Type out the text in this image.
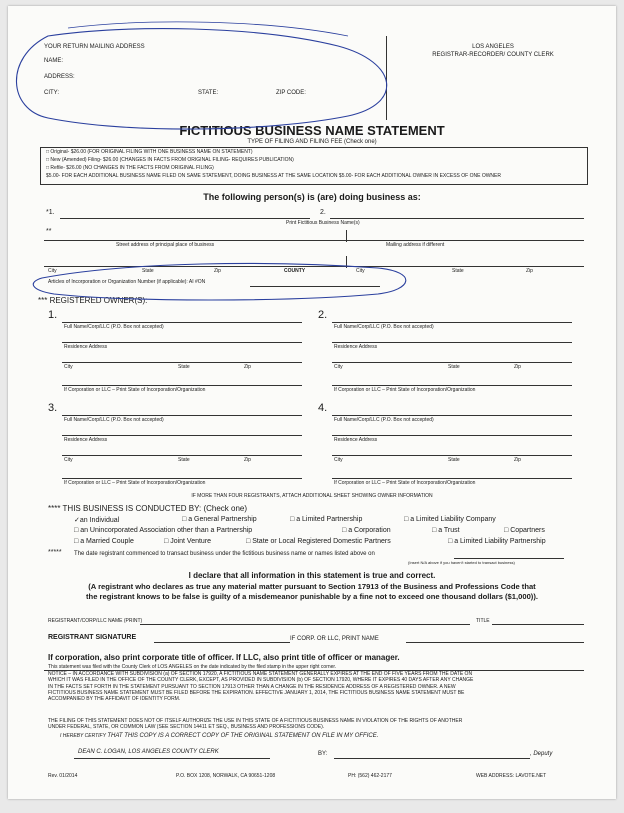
YOUR RETURN MAILING ADDRESS
NAME:
ADDRESS:
CITY:	STATE:	ZIP CODE:
LOS ANGELES
REGISTRAR-RECORDER/ COUNTY CLERK
FICTITIOUS BUSINESS NAME STATEMENT
TYPE OF FILING AND FILING FEE (Check one)
□ Original- $26.00 (FOR ORIGINAL FILING WITH ONE BUSINESS NAME ON STATEMENT)
□ New (Amended) Filing- $26.00 (CHANGES IN FACTS FROM ORIGINAL FILING- REQUIRES PUBLICATION)
□ Refile- $26.00 (NO CHANGES IN THE FACTS FROM ORIGINAL FILING)
$5.00- FOR EACH ADDITIONAL BUSINESS NAME FILED ON SAME STATEMENT, DOING BUSINESS AT THE SAME LOCATION $5.00- FOR EACH ADDITIONAL OWNER IN EXCESS OF ONE OWNER
The following person(s) is (are) doing business as:
*1.	2.
Print Fictitious Business Name(s)
**
Street address of principal place of business	Mailing address if different
City	State	Zip	COUNTY	City	State	Zip
Articles of Incorporation or Organization Number (if applicable): AI #ON
*** REGISTERED OWNER(S):
1.
Full Name/Corp/LLC (P.O. Box not accepted)
Residence Address
City	State	Zip
If Corporation or LLC – Print State of Incorporation/Organization
2.
Full Name/Corp/LLC (P.O. Box not accepted)
Residence Address
City	State	Zip
If Corporation or LLC – Print State of Incorporation/Organization
3.
Full Name/Corp/LLC (P.O. Box not accepted)
Residence Address
City	State	Zip
If Corporation or LLC – Print State of Incorporation/Organization
4.
Full Name/Corp/LLC (P.O. Box not accepted)
Residence Address
City	State	Zip
If Corporation or LLC – Print State of Incorporation/Organization
IF MORE THAN FOUR REGISTRANTS, ATTACH ADDITIONAL SHEET SHOWING OWNER INFORMATION
**** THIS BUSINESS IS CONDUCTED BY: (Check one)
✓an Individual	□ a General Partnership	□ a Limited Partnership	□ a Limited Liability Company
□ an Unincorporated Association other than a Partnership	□ a Corporation	□ a Trust	□ Copartners
□ a Married Couple	□ Joint Venture	□ State or Local Registered Domestic Partners	□ a Limited Liability Partnership
***** The date registrant commenced to transact business under the fictitious business name or names listed above on
(Insert N/A above if you haven't started to transact business)
I declare that all information in this statement is true and correct.
(A registrant who declares as true any material matter pursuant to Section 17913 of the Business and Professions Code that
the registrant knows to be false is guilty of a misdemeanor punishable by a fine not to exceed one thousand dollars ($1,000)).
REGISTRANT/CORP/LLC NAME (PRINT)	TITLE
REGISTRANT SIGNATURE	IF CORP. OR LLC, PRINT NAME
If corporation, also print corporate title of officer. If LLC, also print title of officer or manager.
This statement was filed with the County Clerk of LOS ANGELES on the date indicated by the filed stamp in the upper right corner.
NOTICE – IN ACCORDANCE WITH SUBDIVISION (a) OF SECTION 17920, A FICTITIOUS NAME STATEMENT GENERALLY EXPIRES AT THE END OF FIVE YEARS FROM THE DATE ON
WHICH IT WAS FILED IN THE OFFICE OF THE COUNTY CLERK, EXCEPT, AS PROVIDED IN SUBDIVISION (b) OF SECTION 17920, WHERE IT EXPIRES 40 DAYS AFTER ANY CHANGE
IN THE FACTS SET FORTH IN THE STATEMENT PURSUANT TO SECTION 17913 OTHER THAN A CHANGE IN THE RESIDENCE ADDRESS OF A REGISTERED OWNER. A NEW
FICTITIOUS BUSINESS NAME STATEMENT MUST BE FILED BEFORE THE EXPIRATION. EFFECTIVE JANUARY 1, 2014, THE FICTITIOUS BUSINESS NAME STATEMENT MUST BE
ACCOMPANIED BY THE AFFIDAVIT OF IDENTITY FORM.
THE FILING OF THIS STATEMENT DOES NOT OF ITSELF AUTHORIZE THE USE IN THIS STATE OF A FICTITIOUS BUSINESS NAME IN VIOLATION OF THE RIGHTS OF ANOTHER
UNDER FEDERAL, STATE, OR COMMON LAW (SEE SECTION 14411 ET SEQ., BUSINESS AND PROFESSIONS CODE).
I HEREBY CERTIFY THAT THIS COPY IS A CORRECT COPY OF THE ORIGINAL STATEMENT ON FILE IN MY OFFICE.
DEAN C. LOGAN, LOS ANGELES COUNTY CLERK	BY:	, Deputy
Rev. 01/2014	P.O. BOX 1208, NORWALK, CA 90651-1208	PH: (562) 462-2177	WEB ADDRESS: LAVOTE.NET
